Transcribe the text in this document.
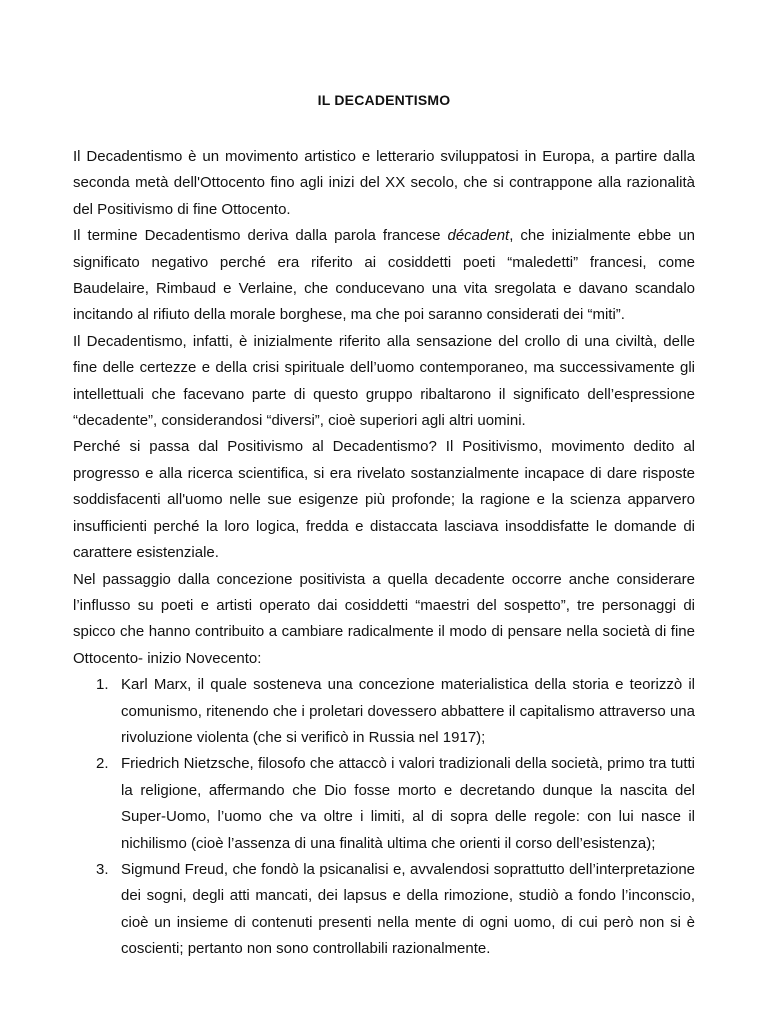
IL DECADENTISMO

Il Decadentismo è un movimento artistico e letterario sviluppatosi in Europa, a partire dalla seconda metà dell'Ottocento fino agli inizi del XX secolo, che si contrappone alla razionalità del Positivismo di fine Ottocento.

Il termine Decadentismo deriva dalla parola francese décadent, che inizialmente ebbe un significato negativo perché era riferito ai cosiddetti poeti “maledetti” francesi, come Baudelaire, Rimbaud e Verlaine, che conducevano una vita sregolata e davano scandalo incitando al rifiuto della morale borghese, ma che poi saranno considerati dei “miti”.

Il Decadentismo, infatti, è inizialmente riferito alla sensazione del crollo di una civiltà, delle fine delle certezze e della crisi spirituale dell’uomo contemporaneo, ma successivamente gli intellettuali che facevano parte di questo gruppo ribaltarono il significato dell’espressione “decadente”, considerandosi “diversi”, cioè superiori agli altri uomini.

Perché si passa dal Positivismo al Decadentismo? Il Positivismo, movimento dedito al progresso e alla ricerca scientifica, si era rivelato sostanzialmente incapace di dare risposte soddisfacenti all'uomo nelle sue esigenze più profonde; la ragione e la scienza apparvero insufficienti perché la loro logica, fredda e distaccata lasciava insoddisfatte le domande di carattere esistenziale.

Nel passaggio dalla concezione positivista a quella decadente occorre anche considerare l’influsso su poeti e artisti operato dai cosiddetti “maestri del sospetto”, tre personaggi di spicco che hanno contribuito a cambiare radicalmente il modo di pensare nella società di fine Ottocento- inizio Novecento:

1. Karl Marx, il quale sosteneva una concezione materialistica della storia e teorizzò il comunismo, ritenendo che i proletari dovessero abbattere il capitalismo attraverso una rivoluzione violenta (che si verificò in Russia nel 1917);
2. Friedrich Nietzsche, filosofo che attaccò i valori tradizionali della società, primo tra tutti la religione, affermando che Dio fosse morto e decretando dunque la nascita del Super-Uomo, l’uomo che va oltre i limiti, al di sopra delle regole: con lui nasce il nichilismo (cioè l’assenza di una finalità ultima che orienti il corso dell’esistenza);
3. Sigmund Freud, che fondò la psicanalisi e, avvalendosi soprattutto dell’interpretazione dei sogni, degli atti mancati, dei lapsus e della rimozione, studiò a fondo l’inconscio, cioè un insieme di contenuti presenti nella mente di ogni uomo, di cui però non si è coscienti; pertanto non sono controllabili razionalmente.
